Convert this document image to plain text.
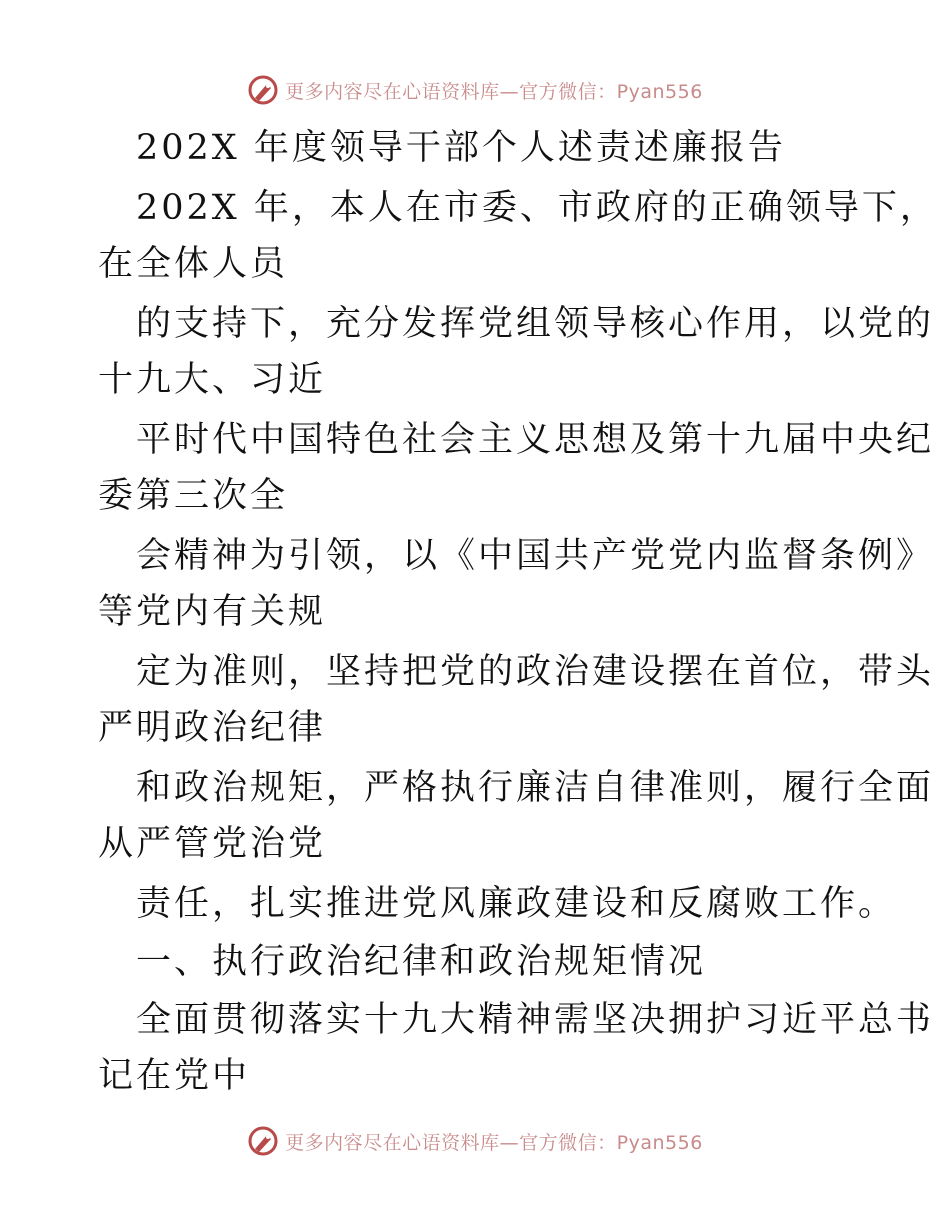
更多内容尽在心语资料库—官方微信：Pyan556
202X 年度领导干部个人述责述廉报告
202X 年，本人在市委、市政府的正确领导下，
在全体人员
的支持下，充分发挥党组领导核心作用，以党的
十九大、习近
平时代中国特色社会主义思想及第十九届中央纪
委第三次全
会精神为引领，以《中国共产党党内监督条例》
等党内有关规
定为准则，坚持把党的政治建设摆在首位，带头
严明政治纪律
和政治规矩，严格执行廉洁自律准则，履行全面
从严管党治党
责任，扎实推进党风廉政建设和反腐败工作。
一、执行政治纪律和政治规矩情况
全面贯彻落实十九大精神需坚决拥护习近平总书
记在党中
更多内容尽在心语资料库—官方微信：Pyan556
